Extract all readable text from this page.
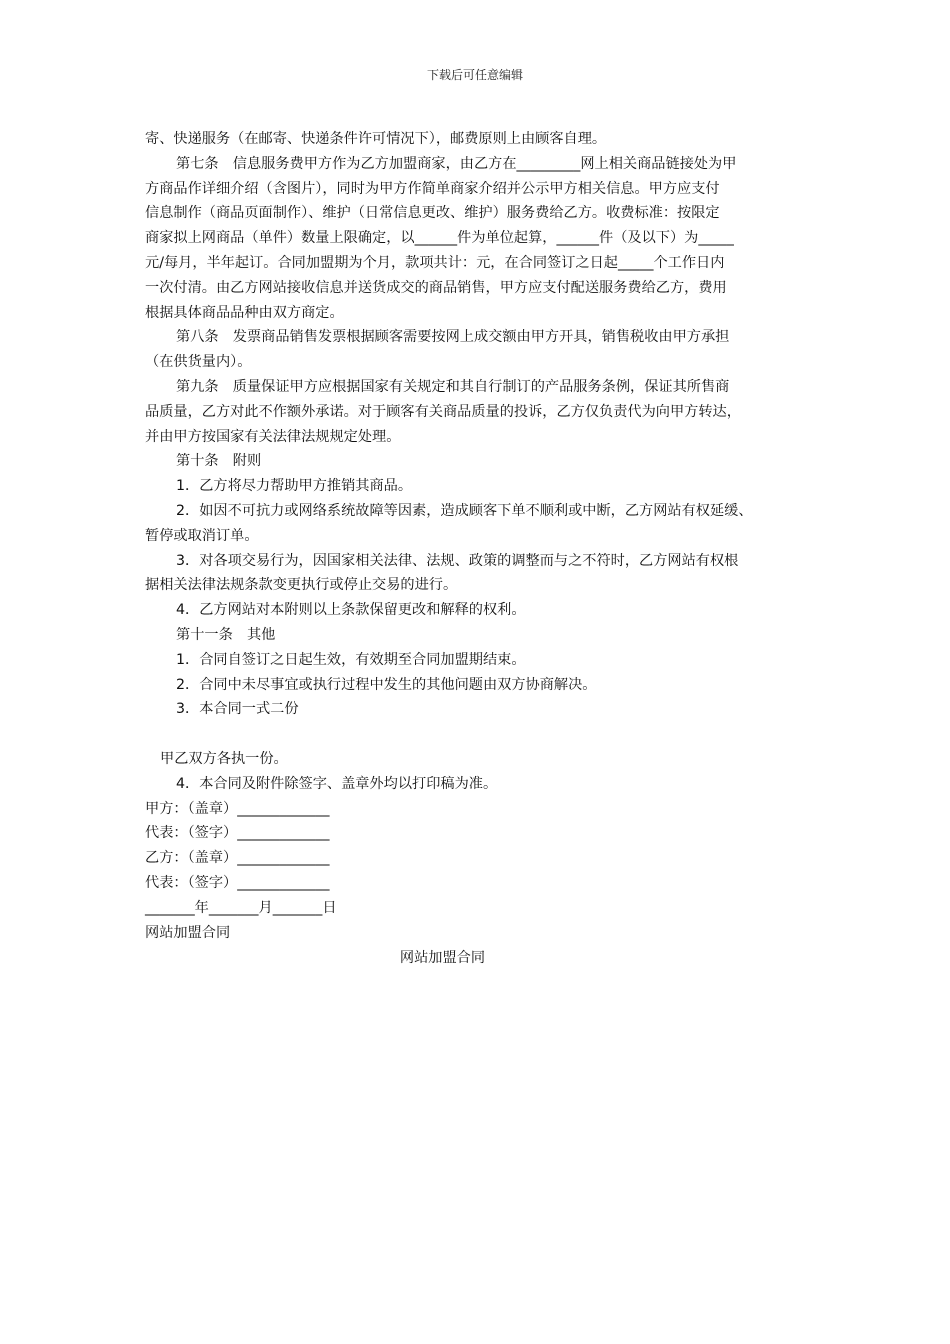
下载后可任意编辑
寄、快递服务（在邮寄、快递条件许可情况下），邮费原则上由顾客自理。
第七条　信息服务费甲方作为乙方加盟商家，由乙方在_________网上相关商品链接处为甲
方商品作详细介绍（含图片），同时为甲方作简单商家介绍并公示甲方相关信息。甲方应支付
信息制作（商品页面制作）、维护（日常信息更改、维护）服务费给乙方。收费标准：按限定
商家拟上网商品（单件）数量上限确定，以______件为单位起算，______件（及以下）为_____
元/每月，半年起订。合同加盟期为个月，款项共计：元，在合同签订之日起_____个工作日内
一次付清。由乙方网站接收信息并送货成交的商品销售，甲方应支付配送服务费给乙方，费用
根据具体商品品种由双方商定。
第八条　发票商品销售发票根据顾客需要按网上成交额由甲方开具，销售税收由甲方承担
（在供货量内）。
第九条　质量保证甲方应根据国家有关规定和其自行制订的产品服务条例，保证其所售商
品质量，乙方对此不作额外承诺。对于顾客有关商品质量的投诉，乙方仅负责代为向甲方转达，
并由甲方按国家有关法律法规规定处理。
第十条　附则
1．乙方将尽力帮助甲方推销其商品。
2．如因不可抗力或网络系统故障等因素，造成顾客下单不顺利或中断，乙方网站有权延缓、
暂停或取消订单。
3．对各项交易行为，因国家相关法律、法规、政策的调整而与之不符时，乙方网站有权根
据相关法律法规条款变更执行或停止交易的进行。
4．乙方网站对本附则以上条款保留更改和解释的权利。
第十一条　其他
1．合同自签订之日起生效，有效期至合同加盟期结束。
2．合同中未尽事宜或执行过程中发生的其他问题由双方协商解决。
3．本合同一式二份
甲乙双方各执一份。
4．本合同及附件除签字、盖章外均以打印稿为准。
甲方：（盖章）_____________
代表：（签字）_____________
乙方：（盖章）_____________
代表：（签字）_____________
_______年_______月_______日
网站加盟合同
网站加盟合同
